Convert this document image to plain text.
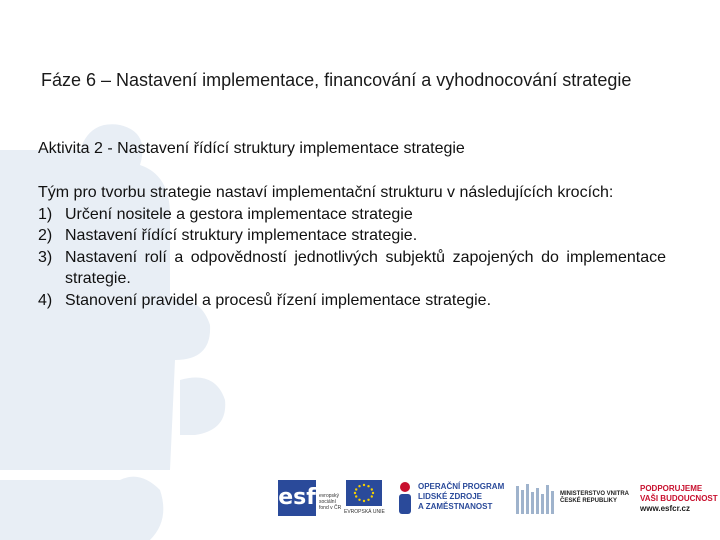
Fáze 6 – Nastavení implementace, financování a vyhodnocování strategie
Aktivita 2 - Nastavení řídící struktury implementace strategie

Tým pro tvorbu strategie nastaví implementační strukturu v následujících krocích:

1) Určení nositele a gestora implementace strategie
2) Nastavení řídící struktury implementace strategie.
3) Nastavení rolí a odpovědností jednotlivých subjektů zapojených do implementace strategie.
4) Stanovení pravidel a procesů řízení implementace strategie.
esf evropský
sociální
fond v ČR
EVROPSKÁ UNIE
OPERAČNÍ PROGRAM
LIDSKÉ ZDROJE
A ZAMĚSTNANOST
MINISTERSTVO VNITRA
ČESKÉ REPUBLIKY
PODPORUJEME
VAŠI BUDOUCNOST
www.esfcr.cz
